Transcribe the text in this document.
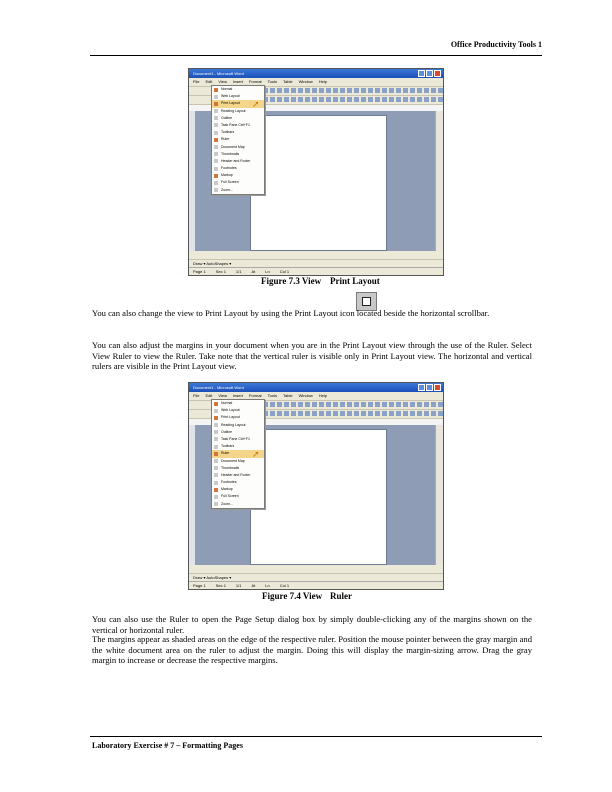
Office Productivity Tools 1
Document1 - Microsoft Word
File Edit View Insert Format Tools Table Window Help
Draw ▾ AutoShapes ▾
Page 1	Sec 1	1/1	At	Ln	Col 1
Normal
Web Layout
Print Layout
Reading Layout
Outline
Task Pane Ctrl+F1
Toolbars
Ruler
Document Map
Thumbnails
Header and Footer
Footnotes
Markup
Full Screen
Zoom...
➚
Figure 7.3 View Print Layout
You can also change the view to Print Layout by using the Print Layout icon located beside the horizontal scrollbar.
You can also adjust the margins in your document when you are in the Print Layout view through the use of the Ruler. Select View Ruler to view the Ruler. Take note that the vertical ruler is visible only in Print Layout view. The horizontal and vertical rulers are visible in the Print Layout view.
Document1 - Microsoft Word
File Edit View Insert Format Tools Table Window Help
Draw ▾ AutoShapes ▾
Page 1	Sec 1	1/1	At	Ln	Col 1
Normal
Web Layout
Print Layout
Reading Layout
Outline
Task Pane Ctrl+F1
Toolbars
Ruler
Document Map
Thumbnails
Header and Footer
Footnotes
Markup
Full Screen
Zoom...
➚
Figure 7.4 View Ruler
You can also use the Ruler to open the Page Setup dialog box by simply double-clicking any of the margins shown on the vertical or horizontal ruler.
The margins appear as shaded areas on the edge of the respective ruler. Position the mouse pointer between the gray margin and the white document area on the ruler to adjust the margin. Doing this will display the margin-sizing arrow. Drag the gray margin to increase or decrease the respective margins.
Laboratory Exercise # 7 – Formatting Pages
